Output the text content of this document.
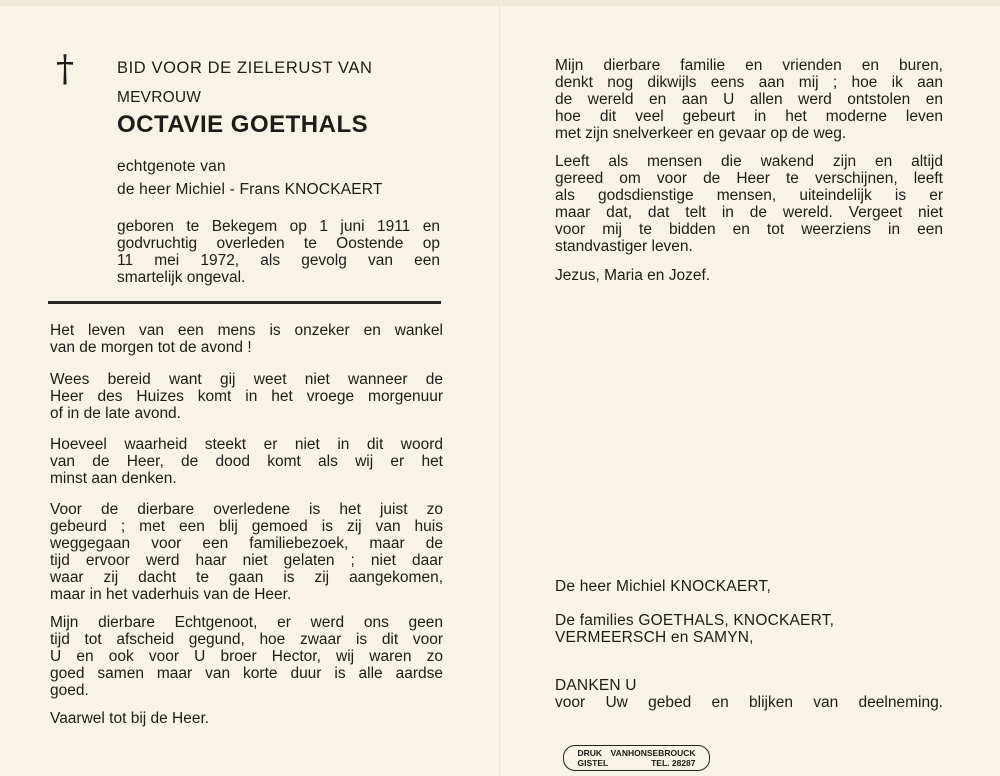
†	BID VOOR DE ZIELERUST VAN
MEVROUW
OCTAVIE GOETHALS
echtgenote van
de heer Michiel - Frans KNOCKAERT
geboren te Bekegem op 1 juni 1911 en
godvruchtig overleden te Oostende op
11 mei 1972, als gevolg van een
smartelijk ongeval.
Het leven van een mens is onzeker en wankel
van de morgen tot de avond !
Wees bereid want gij weet niet wanneer de
Heer des Huizes komt in het vroege morgenuur
of in de late avond.
Hoeveel waarheid steekt er niet in dit woord
van de Heer, de dood komt als wij er het
minst aan denken.
Voor de dierbare overledene is het juist zo
gebeurd ; met een blij gemoed is zij van huis
weggegaan voor een familiebezoek, maar de
tijd ervoor werd haar niet gelaten ; niet daar
waar zij dacht te gaan is zij aangekomen,
maar in het vaderhuis van de Heer.
Mijn dierbare Echtgenoot, er werd ons geen
tijd tot afscheid gegund, hoe zwaar is dit voor
U en ook voor U broer Hector, wij waren zo
goed samen maar van korte duur is alle aardse
goed.
Vaarwel tot bij de Heer.
Mijn dierbare familie en vrienden en buren,
denkt nog dikwijls eens aan mij ; hoe ik aan
de wereld en aan U allen werd ontstolen en
hoe dit veel gebeurt in het moderne leven
met zijn snelverkeer en gevaar op de weg.
Leeft als mensen die wakend zijn en altijd
gereed om voor de Heer te verschijnen, leeft
als godsdienstige mensen, uiteindelijk is er
maar dat, dat telt in de wereld. Vergeet niet
voor mij te bidden en tot weerziens in een
standvastiger leven.
Jezus, Maria en Jozef.
De heer Michiel KNOCKAERT,
De families GOETHALS, KNOCKAERT,
VERMEERSCH en SAMYN,
DANKEN U
voor Uw gebed en blijken van deelneming.
DRUK VANHONSEBROUCK
GISTEL	TEL. 28287
